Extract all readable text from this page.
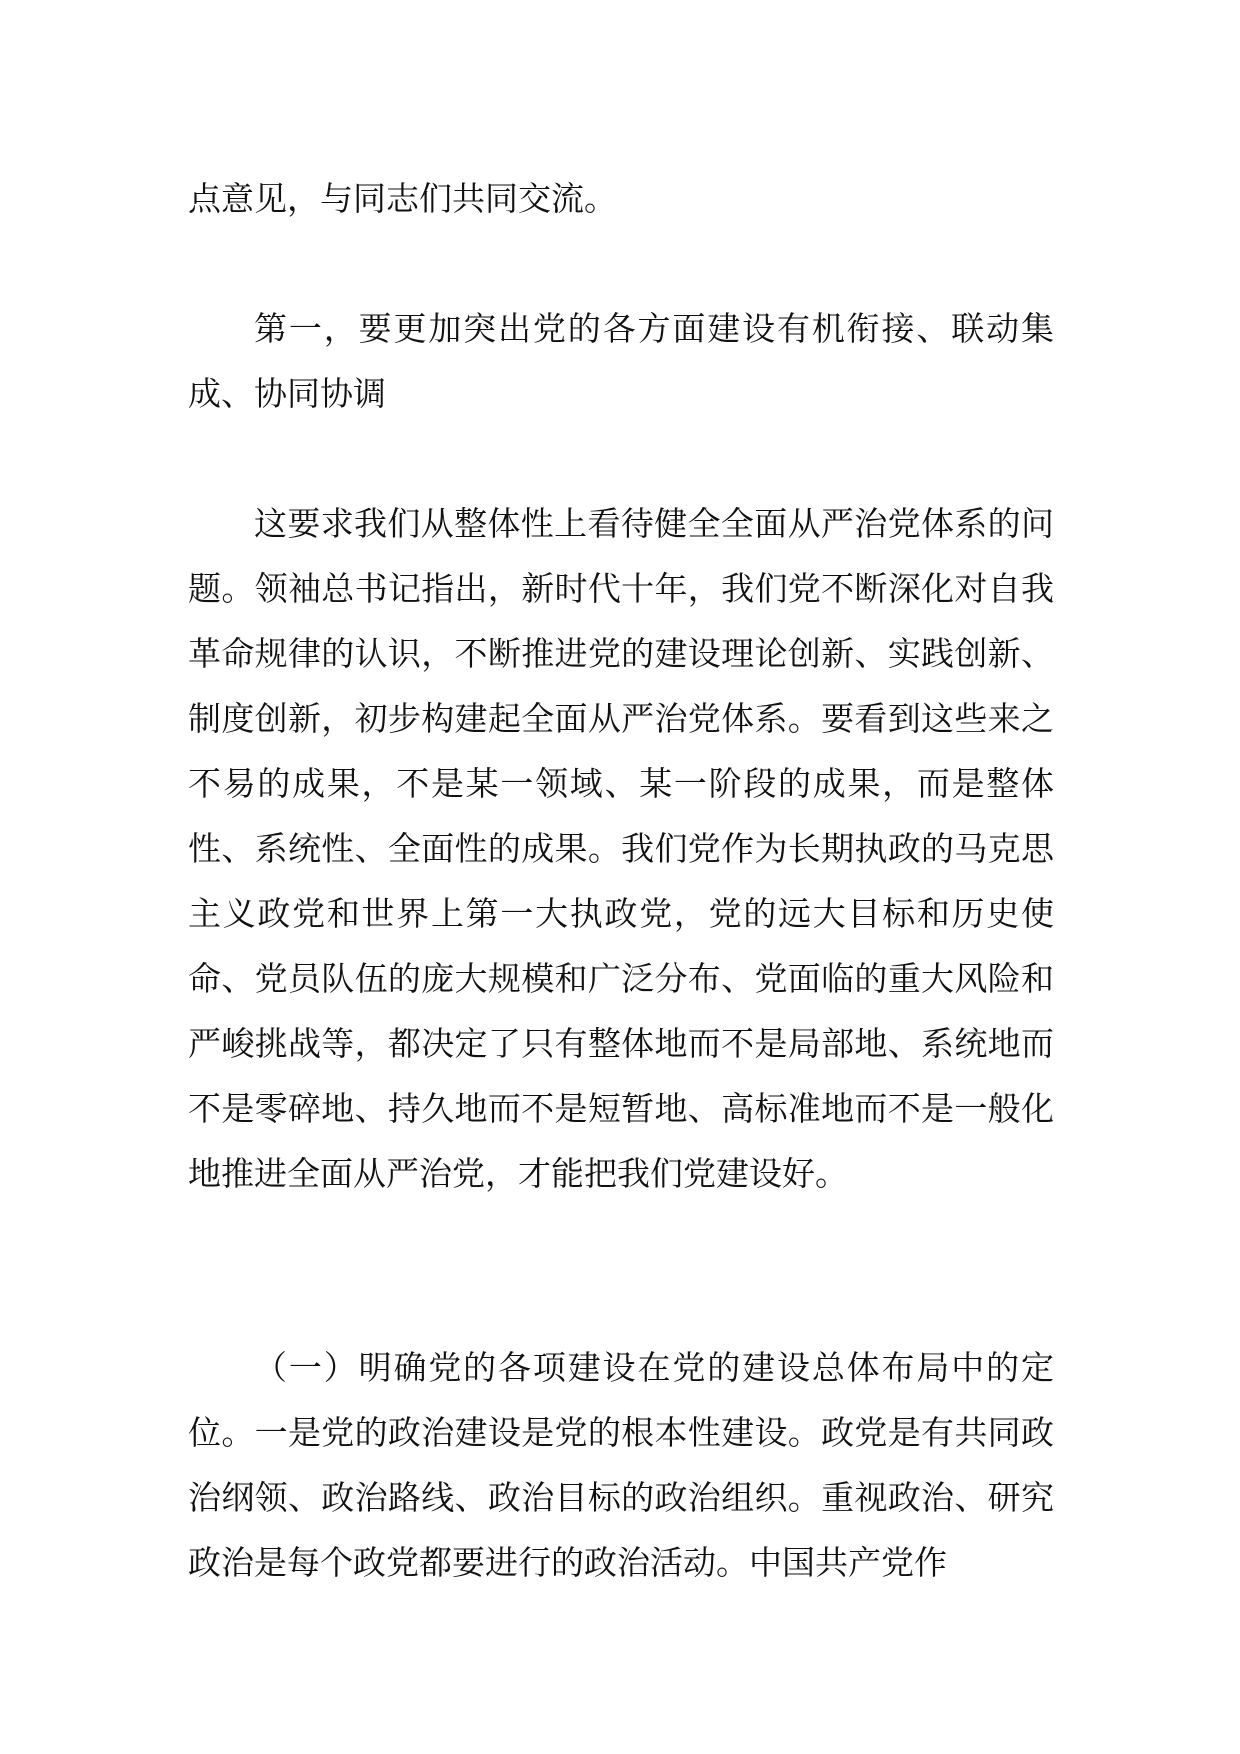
点意见，与同志们共同交流。

第一，要更加突出党的各方面建设有机衔接、联动集成、协同协调

这要求我们从整体性上看待健全全面从严治党体系的问题。领袖总书记指出，新时代十年，我们党不断深化对自我革命规律的认识，不断推进党的建设理论创新、实践创新、制度创新，初步构建起全面从严治党体系。要看到这些来之不易的成果，不是某一领域、某一阶段的成果，而是整体性、系统性、全面性的成果。我们党作为长期执政的马克思主义政党和世界上第一大执政党，党的远大目标和历史使命、党员队伍的庞大规模和广泛分布、党面临的重大风险和严峻挑战等，都决定了只有整体地而不是局部地、系统地而不是零碎地、持久地而不是短暂地、高标准地而不是一般化地推进全面从严治党，才能把我们党建设好。

（一）明确党的各项建设在党的建设总体布局中的定位。一是党的政治建设是党的根本性建设。政党是有共同政治纲领、政治路线、政治目标的政治组织。重视政治、研究政治是每个政党都要进行的政治活动。中国共产党作
